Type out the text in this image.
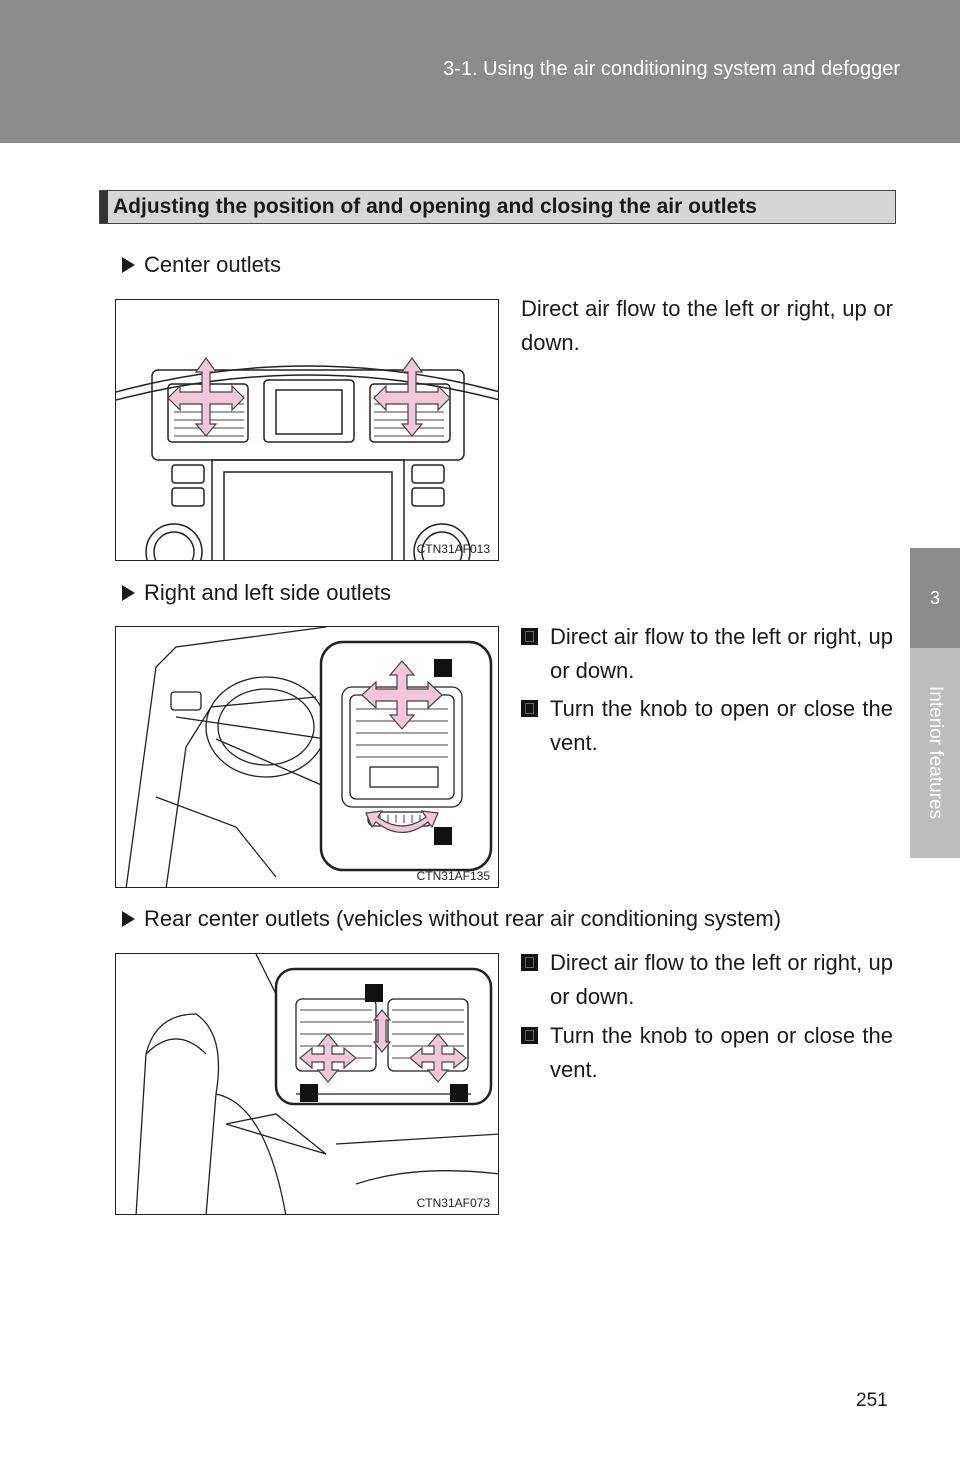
3-1. Using the air conditioning system and defogger
3
Interior features
Adjusting the position of and opening and closing the air outlets
Center outlets
CTN31AF013
Direct air flow to the left or right, up or down.
Right and left side outlets
CTN31AF135
Direct air flow to the left or right, up or down.
Turn the knob to open or close the vent.
Rear center outlets (vehicles without rear air conditioning system)
CTN31AF073
Direct air flow to the left or right, up or down.
Turn the knob to open or close the vent.
251
